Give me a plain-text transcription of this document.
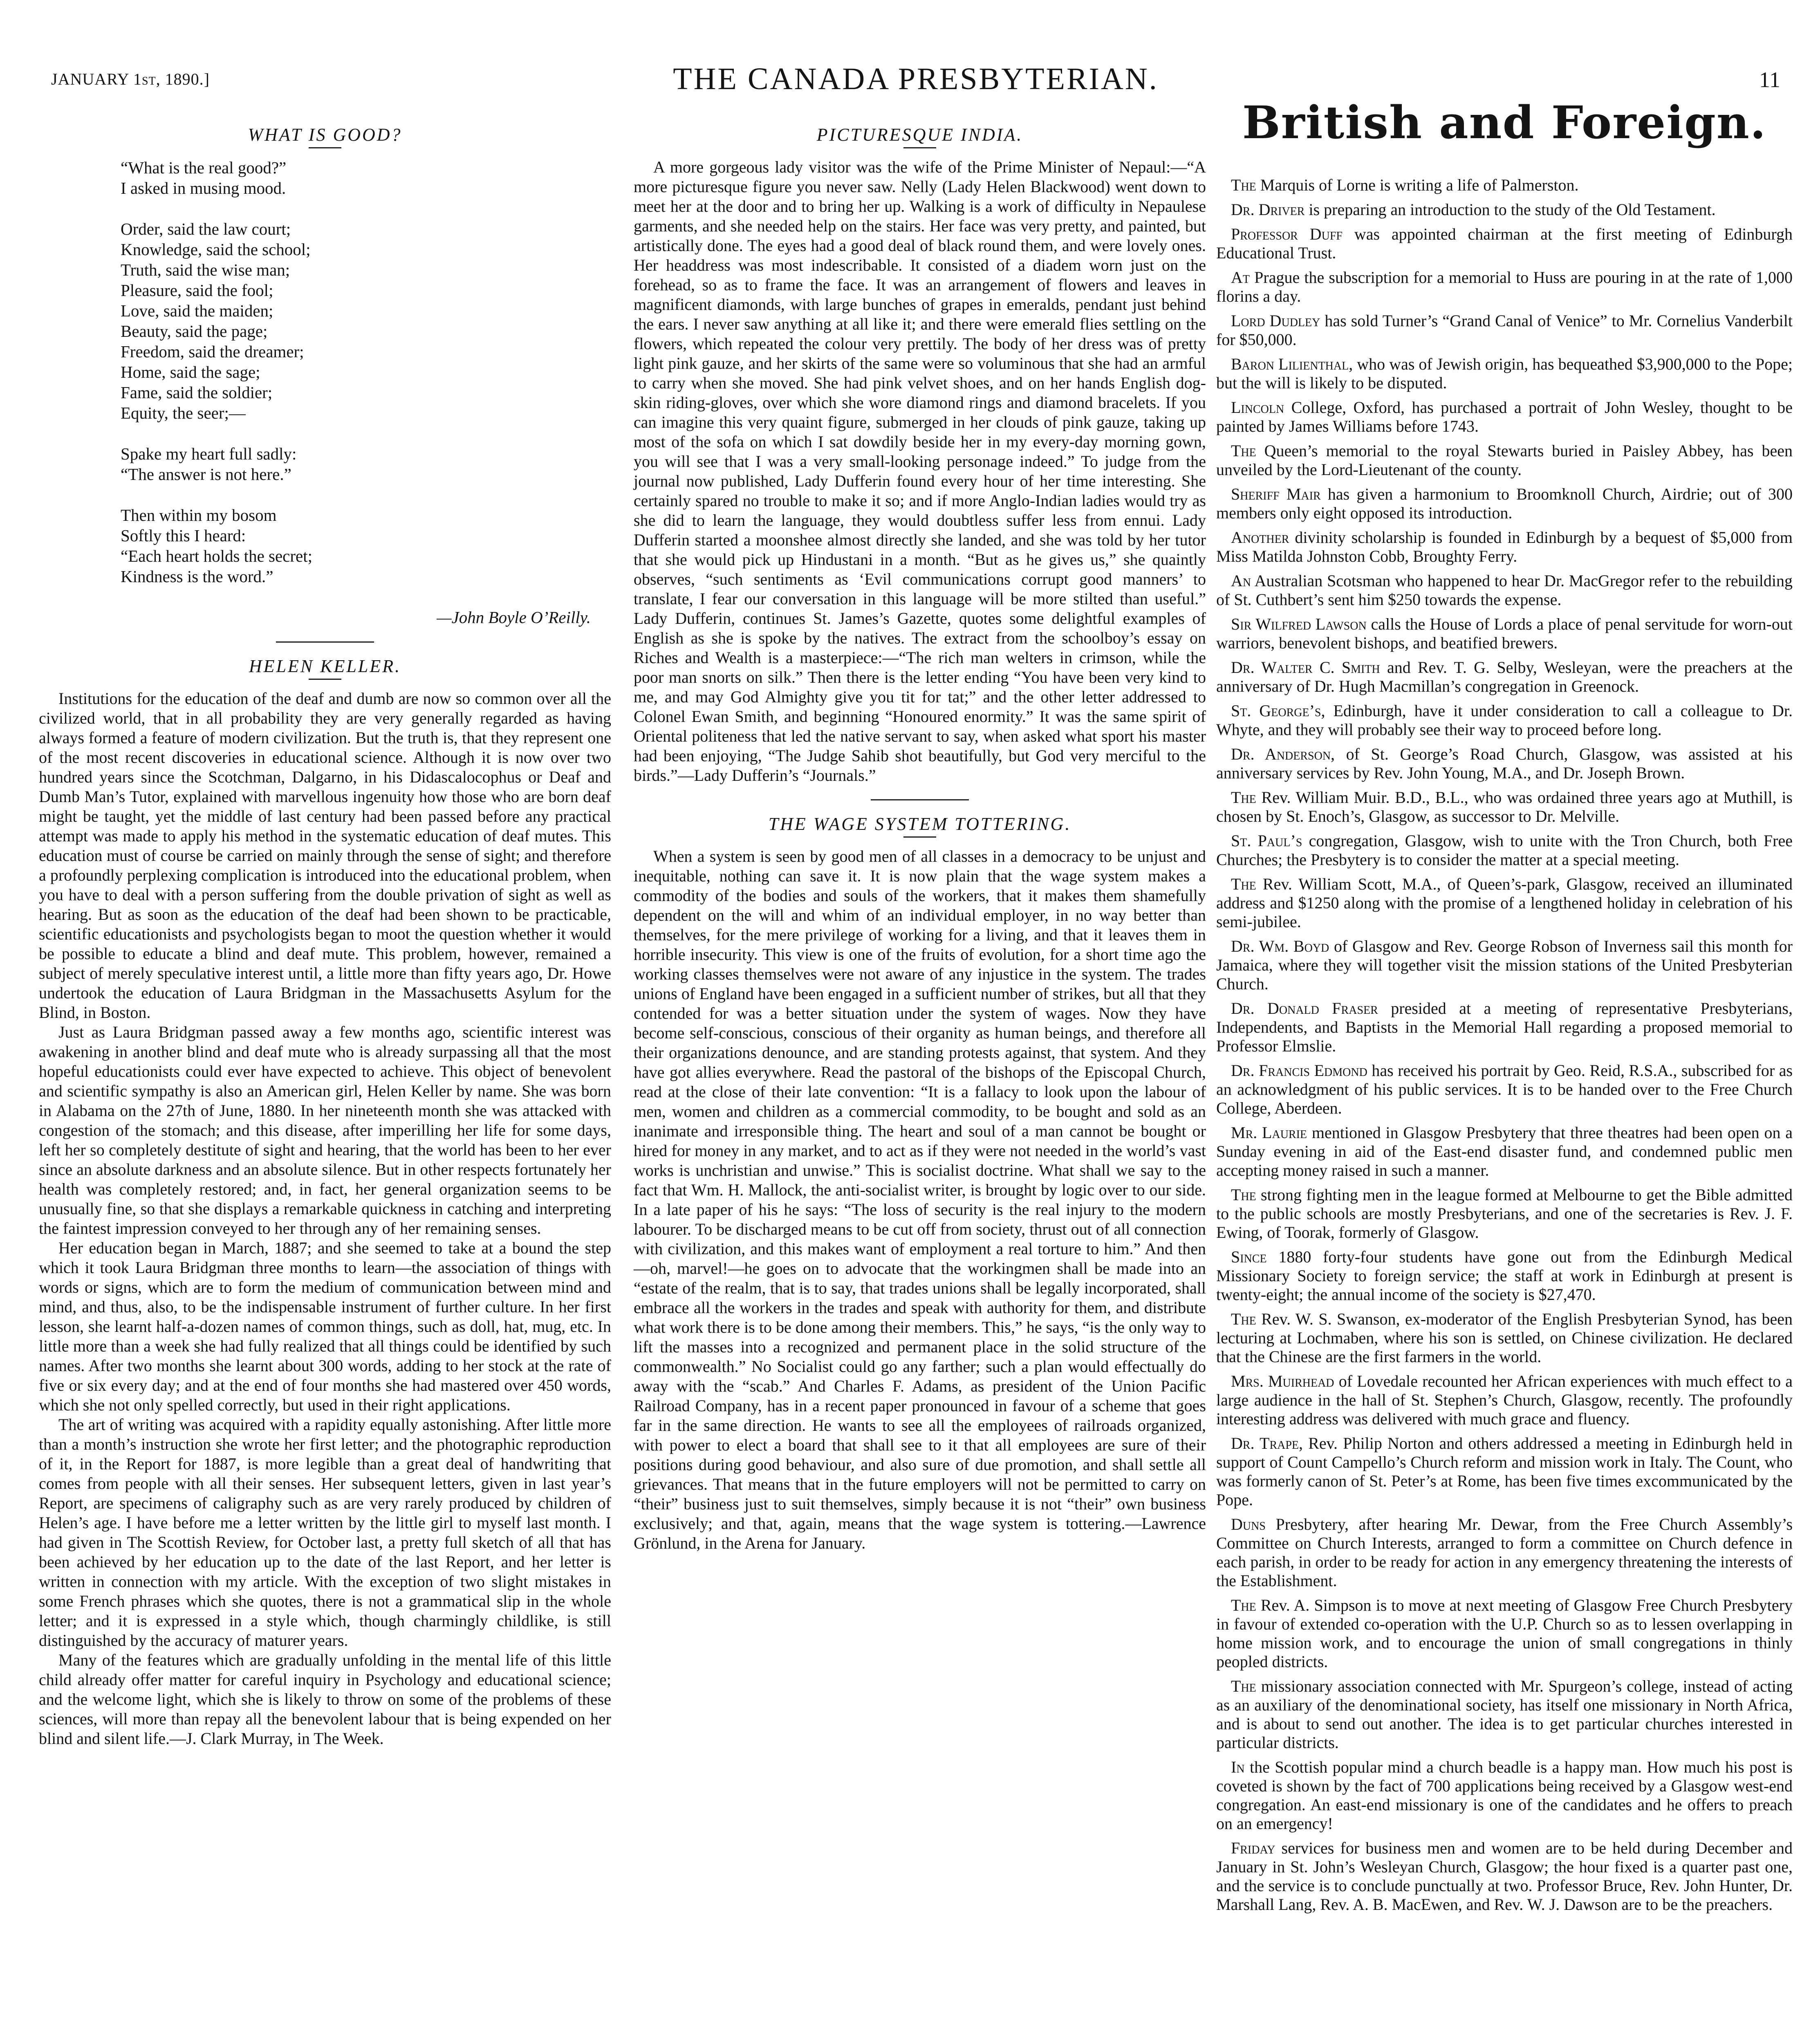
JANUARY 1st, 1890.]	THE CANADA PRESBYTERIAN.	11
WHAT IS GOOD?
“What is the real good?”
I asked in musing mood.
Order, said the law court;
Knowledge, said the school;
Truth, said the wise man;
Pleasure, said the fool;
Love, said the maiden;
Beauty, said the page;
Freedom, said the dreamer;
Home, said the sage;
Fame, said the soldier;
Equity, the seer;—
Spake my heart full sadly:
“The answer is not here.”
Then within my bosom
Softly this I heard:
“Each heart holds the secret;
Kindness is the word.”
—John Boyle O’Reilly.
HELEN KELLER.

Institutions for the education of the deaf and dumb are now so common over all the civilized world, that in all probability they are very generally regarded as having always formed a feature of modern civilization. But the truth is, that they represent one of the most recent discoveries in educational science. Although it is now over two hundred years since the Scotchman, Dalgarno, in his Didascalocophus or Deaf and Dumb Man’s Tutor, explained with marvellous ingenuity how those who are born deaf might be taught, yet the middle of last century had been passed before any practical attempt was made to apply his method in the systematic education of deaf mutes. This education must of course be carried on mainly through the sense of sight; and therefore a profoundly perplexing complication is introduced into the educational problem, when you have to deal with a person suffering from the double privation of sight as well as hearing. But as soon as the education of the deaf had been shown to be practicable, scientific educationists and psychologists began to moot the question whether it would be possible to educate a blind and deaf mute. This problem, however, remained a subject of merely speculative interest until, a little more than fifty years ago, Dr. Howe undertook the education of Laura Bridgman in the Massachusetts Asylum for the Blind, in Boston.

Just as Laura Bridgman passed away a few months ago, scientific interest was awakening in another blind and deaf mute who is already surpassing all that the most hopeful educationists could ever have expected to achieve. This object of benevolent and scientific sympathy is also an American girl, Helen Keller by name. She was born in Alabama on the 27th of June, 1880. In her nineteenth month she was attacked with congestion of the stomach; and this disease, after imperilling her life for some days, left her so completely destitute of sight and hearing, that the world has been to her ever since an absolute darkness and an absolute silence. But in other respects fortunately her health was completely restored; and, in fact, her general organization seems to be unusually fine, so that she displays a remarkable quickness in catching and interpreting the faintest impression conveyed to her through any of her remaining senses.

Her education began in March, 1887; and she seemed to take at a bound the step which it took Laura Bridgman three months to learn—the association of things with words or signs, which are to form the medium of communication between mind and mind, and thus, also, to be the indispensable instrument of further culture. In her first lesson, she learnt half-a-dozen names of common things, such as doll, hat, mug, etc. In little more than a week she had fully realized that all things could be identified by such names. After two months she learnt about 300 words, adding to her stock at the rate of five or six every day; and at the end of four months she had mastered over 450 words, which she not only spelled correctly, but used in their right applications.

The art of writing was acquired with a rapidity equally astonishing. After little more than a month’s instruction she wrote her first letter; and the photographic reproduction of it, in the Report for 1887, is more legible than a great deal of handwriting that comes from people with all their senses. Her subsequent letters, given in last year’s Report, are specimens of caligraphy such as are very rarely produced by children of Helen’s age. I have before me a letter written by the little girl to myself last month. I had given in The Scottish Review, for October last, a pretty full sketch of all that has been achieved by her education up to the date of the last Report, and her letter is written in connection with my article. With the exception of two slight mistakes in some French phrases which she quotes, there is not a grammatical slip in the whole letter; and it is expressed in a style which, though charmingly childlike, is still distinguished by the accuracy of maturer years.

Many of the features which are gradually unfolding in the mental life of this little child already offer matter for careful inquiry in Psychology and educational science; and the welcome light, which she is likely to throw on some of the problems of these sciences, will more than repay all the benevolent labour that is being expended on her blind and silent life.—J. Clark Murray, in The Week.

PICTURESQUE INDIA.

A more gorgeous lady visitor was the wife of the Prime Minister of Nepaul:—“A more picturesque figure you never saw. Nelly (Lady Helen Blackwood) went down to meet her at the door and to bring her up. Walking is a work of difficulty in Nepaulese garments, and she needed help on the stairs. Her face was very pretty, and painted, but artistically done. The eyes had a good deal of black round them, and were lovely ones. Her headdress was most indescribable. It consisted of a diadem worn just on the forehead, so as to frame the face. It was an arrangement of flowers and leaves in magnificent diamonds, with large bunches of grapes in emeralds, pendant just behind the ears. I never saw anything at all like it; and there were emerald flies settling on the flowers, which repeated the colour very prettily. The body of her dress was of pretty light pink gauze, and her skirts of the same were so voluminous that she had an armful to carry when she moved. She had pink velvet shoes, and on her hands English dog-skin riding-gloves, over which she wore diamond rings and diamond bracelets. If you can imagine this very quaint figure, submerged in her clouds of pink gauze, taking up most of the sofa on which I sat dowdily beside her in my every-day morning gown, you will see that I was a very small-looking personage indeed.” To judge from the journal now published, Lady Dufferin found every hour of her time interesting. She certainly spared no trouble to make it so; and if more Anglo-Indian ladies would try as she did to learn the language, they would doubtless suffer less from ennui. Lady Dufferin started a moonshee almost directly she landed, and she was told by her tutor that she would pick up Hindustani in a month. “But as he gives us,” she quaintly observes, “such sentiments as ‘Evil communications corrupt good manners’ to translate, I fear our conversation in this language will be more stilted than useful.” Lady Dufferin, continues St. James’s Gazette, quotes some delightful examples of English as she is spoke by the natives. The extract from the schoolboy’s essay on Riches and Wealth is a masterpiece:—“The rich man welters in crimson, while the poor man snorts on silk.” Then there is the letter ending “You have been very kind to me, and may God Almighty give you tit for tat;” and the other letter addressed to Colonel Ewan Smith, and beginning “Honoured enormity.” It was the same spirit of Oriental politeness that led the native servant to say, when asked what sport his master had been enjoying, “The Judge Sahib shot beautifully, but God very merciful to the birds.”—Lady Dufferin’s “Journals.”

THE WAGE SYSTEM TOTTERING.

When a system is seen by good men of all classes in a democracy to be unjust and inequitable, nothing can save it. It is now plain that the wage system makes a commodity of the bodies and souls of the workers, that it makes them shamefully dependent on the will and whim of an individual employer, in no way better than themselves, for the mere privilege of working for a living, and that it leaves them in horrible insecurity. This view is one of the fruits of evolution, for a short time ago the working classes themselves were not aware of any injustice in the system. The trades unions of England have been engaged in a sufficient number of strikes, but all that they contended for was a better situation under the system of wages. Now they have become self-conscious, conscious of their organity as human beings, and therefore all their organizations denounce, and are standing protests against, that system. And they have got allies everywhere. Read the pastoral of the bishops of the Episcopal Church, read at the close of their late convention: “It is a fallacy to look upon the labour of men, women and children as a commercial commodity, to be bought and sold as an inanimate and irresponsible thing. The heart and soul of a man cannot be bought or hired for money in any market, and to act as if they were not needed in the world’s vast works is unchristian and unwise.” This is socialist doctrine. What shall we say to the fact that Wm. H. Mallock, the anti-socialist writer, is brought by logic over to our side. In a late paper of his he says: “The loss of security is the real injury to the modern labourer. To be discharged means to be cut off from society, thrust out of all connection with civilization, and this makes want of employment a real torture to him.” And then—oh, marvel!—he goes on to advocate that the workingmen shall be made into an “estate of the realm, that is to say, that trades unions shall be legally incorporated, shall embrace all the workers in the trades and speak with authority for them, and distribute what work there is to be done among their members. This,” he says, “is the only way to lift the masses into a recognized and permanent place in the solid structure of the commonwealth.” No Socialist could go any farther; such a plan would effectually do away with the “scab.” And Charles F. Adams, as president of the Union Pacific Railroad Company, has in a recent paper pronounced in favour of a scheme that goes far in the same direction. He wants to see all the employees of railroads organized, with power to elect a board that shall see to it that all employees are sure of their positions during good behaviour, and also sure of due promotion, and shall settle all grievances. That means that in the future employers will not be permitted to carry on “their” business just to suit themselves, simply because it is not “their” own business exclusively; and that, again, means that the wage system is tottering.—Lawrence Grönlund, in the Arena for January.

British and Foreign.

The Marquis of Lorne is writing a life of Palmerston.

Dr. Driver is preparing an introduction to the study of the Old Testament.

Professor Duff was appointed chairman at the first meeting of Edinburgh Educational Trust.

At Prague the subscription for a memorial to Huss are pouring in at the rate of 1,000 florins a day.

Lord Dudley has sold Turner’s “Grand Canal of Venice” to Mr. Cornelius Vanderbilt for $50,000.

Baron Lilienthal, who was of Jewish origin, has bequeathed $3,900,000 to the Pope; but the will is likely to be disputed.

Lincoln College, Oxford, has purchased a portrait of John Wesley, thought to be painted by James Williams before 1743.

The Queen’s memorial to the royal Stewarts buried in Paisley Abbey, has been unveiled by the Lord-Lieutenant of the county.

Sheriff Mair has given a harmonium to Broomknoll Church, Airdrie; out of 300 members only eight opposed its introduction.

Another divinity scholarship is founded in Edinburgh by a bequest of $5,000 from Miss Matilda Johnston Cobb, Broughty Ferry.

An Australian Scotsman who happened to hear Dr. MacGregor refer to the rebuilding of St. Cuthbert’s sent him $250 towards the expense.

Sir Wilfred Lawson calls the House of Lords a place of penal servitude for worn-out warriors, benevolent bishops, and beatified brewers.

Dr. Walter C. Smith and Rev. T. G. Selby, Wesleyan, were the preachers at the anniversary of Dr. Hugh Macmillan’s congregation in Greenock.

St. George’s, Edinburgh, have it under consideration to call a colleague to Dr. Whyte, and they will probably see their way to proceed before long.

Dr. Anderson, of St. George’s Road Church, Glasgow, was assisted at his anniversary services by Rev. John Young, M.A., and Dr. Joseph Brown.

The Rev. William Muir. B.D., B.L., who was ordained three years ago at Muthill, is chosen by St. Enoch’s, Glasgow, as successor to Dr. Melville.

St. Paul’s congregation, Glasgow, wish to unite with the Tron Church, both Free Churches; the Presbytery is to consider the matter at a special meeting.

The Rev. William Scott, M.A., of Queen’s-park, Glasgow, received an illuminated address and $1250 along with the promise of a lengthened holiday in celebration of his semi-jubilee.

Dr. Wm. Boyd of Glasgow and Rev. George Robson of Inverness sail this month for Jamaica, where they will together visit the mission stations of the United Presbyterian Church.

Dr. Donald Fraser presided at a meeting of representative Presbyterians, Independents, and Baptists in the Memorial Hall regarding a proposed memorial to Professor Elmslie.

Dr. Francis Edmond has received his portrait by Geo. Reid, R.S.A., subscribed for as an acknowledgment of his public services. It is to be handed over to the Free Church College, Aberdeen.

Mr. Laurie mentioned in Glasgow Presbytery that three theatres had been open on a Sunday evening in aid of the East-end disaster fund, and condemned public men accepting money raised in such a manner.

The strong fighting men in the league formed at Melbourne to get the Bible admitted to the public schools are mostly Presbyterians, and one of the secretaries is Rev. J. F. Ewing, of Toorak, formerly of Glasgow.

Since 1880 forty-four students have gone out from the Edinburgh Medical Missionary Society to foreign service; the staff at work in Edinburgh at present is twenty-eight; the annual income of the society is $27,470.

The Rev. W. S. Swanson, ex-moderator of the English Presbyterian Synod, has been lecturing at Lochmaben, where his son is settled, on Chinese civilization. He declared that the Chinese are the first farmers in the world.

Mrs. Muirhead of Lovedale recounted her African experiences with much effect to a large audience in the hall of St. Stephen’s Church, Glasgow, recently. The profoundly interesting address was delivered with much grace and fluency.

Dr. Trape, Rev. Philip Norton and others addressed a meeting in Edinburgh held in support of Count Campello’s Church reform and mission work in Italy. The Count, who was formerly canon of St. Peter’s at Rome, has been five times excommunicated by the Pope.

Duns Presbytery, after hearing Mr. Dewar, from the Free Church Assembly’s Committee on Church Interests, arranged to form a committee on Church defence in each parish, in order to be ready for action in any emergency threatening the interests of the Establishment.

The Rev. A. Simpson is to move at next meeting of Glasgow Free Church Presbytery in favour of extended co-operation with the U.P. Church so as to lessen overlapping in home mission work, and to encourage the union of small congregations in thinly peopled districts.

The missionary association connected with Mr. Spurgeon’s college, instead of acting as an auxiliary of the denominational society, has itself one missionary in North Africa, and is about to send out another. The idea is to get particular churches interested in particular districts.

In the Scottish popular mind a church beadle is a happy man. How much his post is coveted is shown by the fact of 700 applications being received by a Glasgow west-end congregation. An east-end missionary is one of the candidates and he offers to preach on an emergency!

Friday services for business men and women are to be held during December and January in St. John’s Wesleyan Church, Glasgow; the hour fixed is a quarter past one, and the service is to conclude punctually at two. Professor Bruce, Rev. John Hunter, Dr. Marshall Lang, Rev. A. B. MacEwen, and Rev. W. J. Dawson are to be the preachers.
